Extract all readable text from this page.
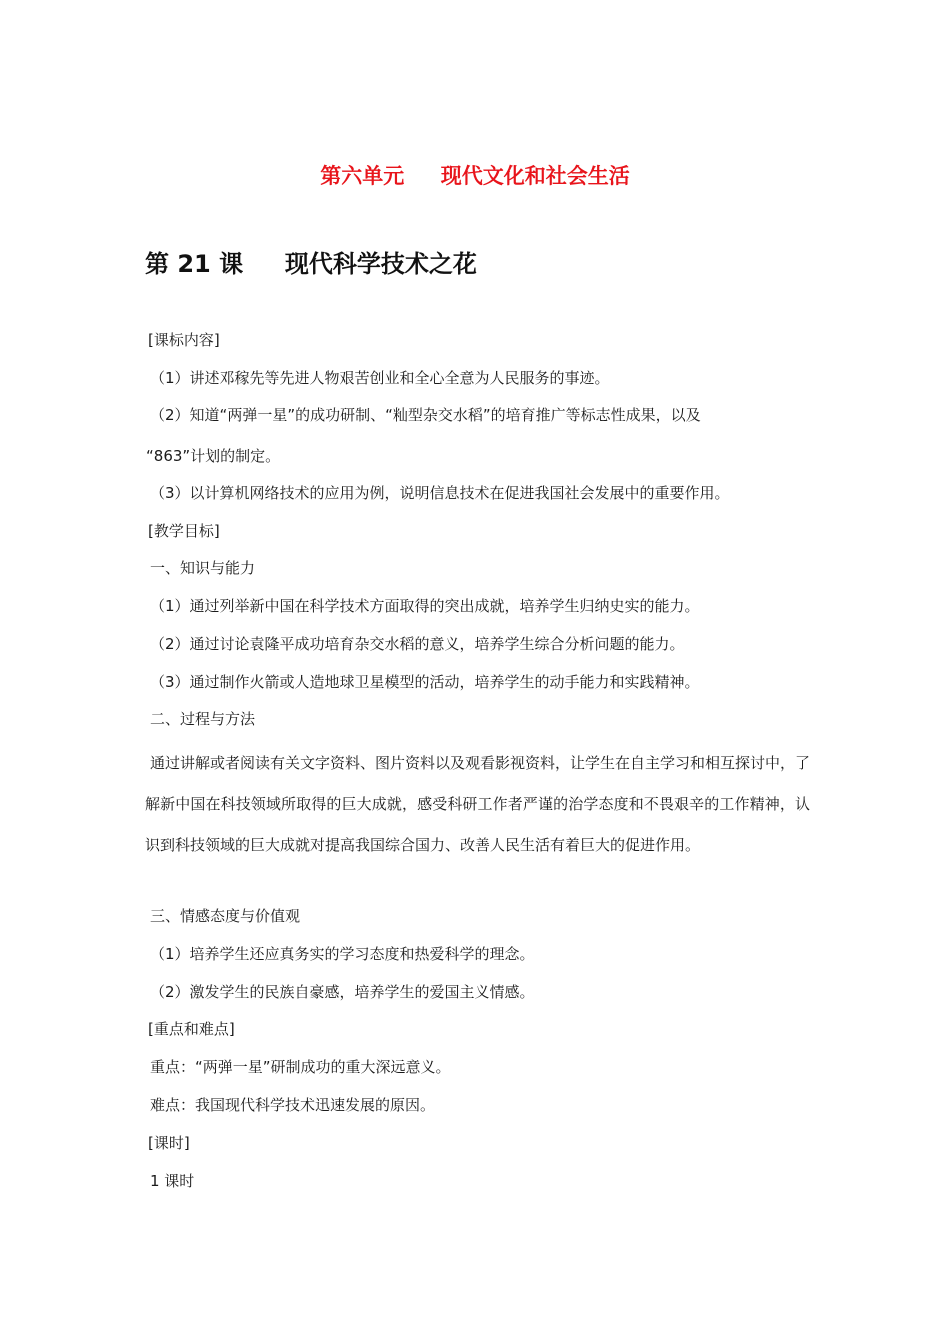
第六单元     现代文化和社会生活
第 21 课     现代科学技术之花
[课标内容]
（1）讲述邓稼先等先进人物艰苦创业和全心全意为人民服务的事迹。
（2）知道“两弹一星”的成功研制、“籼型杂交水稻”的培育推广等标志性成果，以及
“863”计划的制定。
（3）以计算机网络技术的应用为例，说明信息技术在促进我国社会发展中的重要作用。
[教学目标]
一、知识与能力
（1）通过列举新中国在科学技术方面取得的突出成就，培养学生归纳史实的能力。
（2）通过讨论袁隆平成功培育杂交水稻的意义，培养学生综合分析问题的能力。
（3）通过制作火箭或人造地球卫星模型的活动，培养学生的动手能力和实践精神。
二、过程与方法
通过讲解或者阅读有关文字资料、图片资料以及观看影视资料，让学生在自主学习和相互探讨中，了解新中国在科技领域所取得的巨大成就，感受科研工作者严谨的治学态度和不畏艰辛的工作精神，认识到科技领域的巨大成就对提高我国综合国力、改善人民生活有着巨大的促进作用。
三、情感态度与价值观
（1）培养学生还应真务实的学习态度和热爱科学的理念。
（2）激发学生的民族自豪感，培养学生的爱国主义情感。
[重点和难点]
重点：“两弹一星”研制成功的重大深远意义。
难点：我国现代科学技术迅速发展的原因。
[课时]
1 课时
